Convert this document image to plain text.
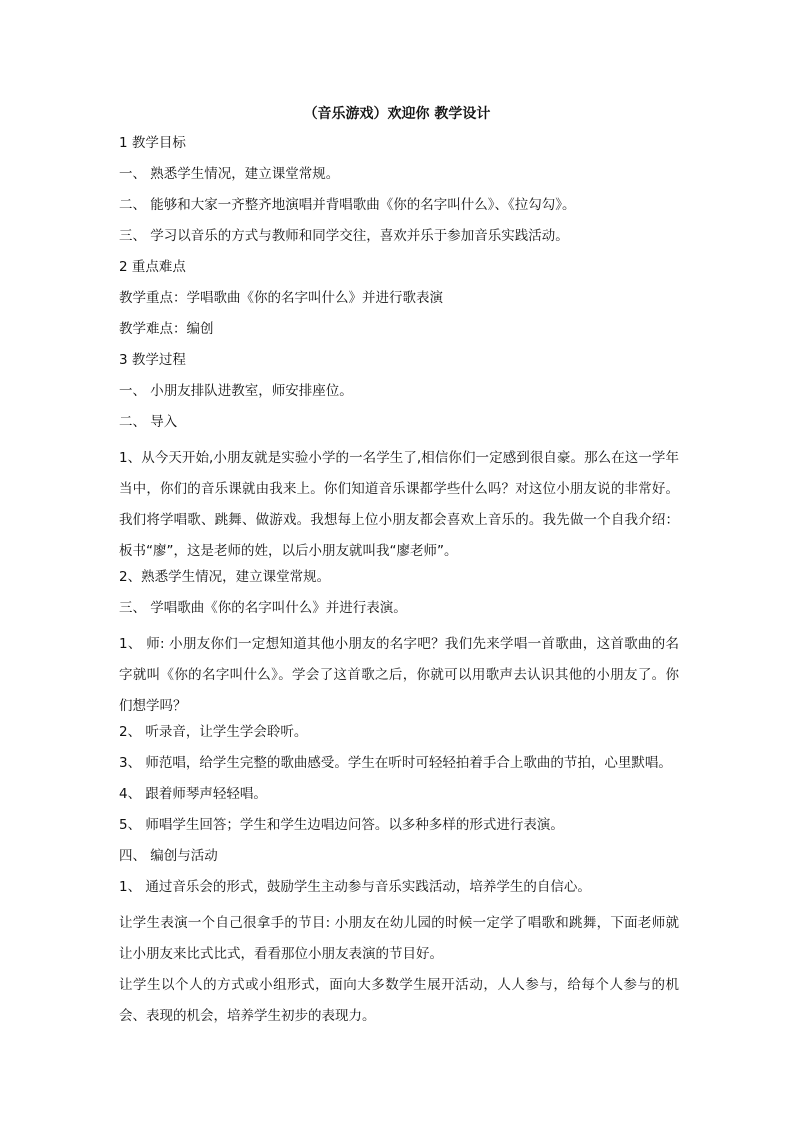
（音乐游戏）欢迎你 教学设计
1 教学目标
一、 熟悉学生情况，建立课堂常规。
二、 能够和大家一齐整齐地演唱并背唱歌曲《你的名字叫什么》、《拉勾勾》。
三、 学习以音乐的方式与教师和同学交往，喜欢并乐于参加音乐实践活动。
2 重点难点
教学重点：学唱歌曲《你的名字叫什么》并进行歌表演
教学难点：编创
3 教学过程
一、 小朋友排队进教室，师安排座位。
二、 导入

1、从今天开始,小朋友就是实验小学的一名学生了,相信你们一定感到很自豪。那么在这一学年当中，你们的音乐课就由我来上。你们知道音乐课都学些什么吗？对这位小朋友说的非常好。我们将学唱歌、跳舞、做游戏。我想每上位小朋友都会喜欢上音乐的。我先做一个自我介绍：板书“廖”，这是老师的姓，以后小朋友就叫我“廖老师”。

2、熟悉学生情况，建立课堂常规。
三、 学唱歌曲《你的名字叫什么》并进行表演。

1、 师: 小朋友你们一定想知道其他小朋友的名字吧？我们先来学唱一首歌曲，这首歌曲的名字就叫《你的名字叫什么》。学会了这首歌之后，你就可以用歌声去认识其他的小朋友了。你们想学吗？

2、 听录音，让学生学会聆听。
3、 师范唱，给学生完整的歌曲感受。学生在听时可轻轻拍着手合上歌曲的节拍，心里默唱。
4、 跟着师琴声轻轻唱。
5、 师唱学生回答；学生和学生边唱边问答。以多种多样的形式进行表演。
四、 编创与活动
1、 通过音乐会的形式，鼓励学生主动参与音乐实践活动，培养学生的自信心。

让学生表演一个自己很拿手的节目: 小朋友在幼儿园的时候一定学了唱歌和跳舞，下面老师就让小朋友来比式比式，看看那位小朋友表演的节目好。

让学生以个人的方式或小组形式，面向大多数学生展开活动，人人参与，给每个人参与的机会、表现的机会，培养学生初步的表现力。
